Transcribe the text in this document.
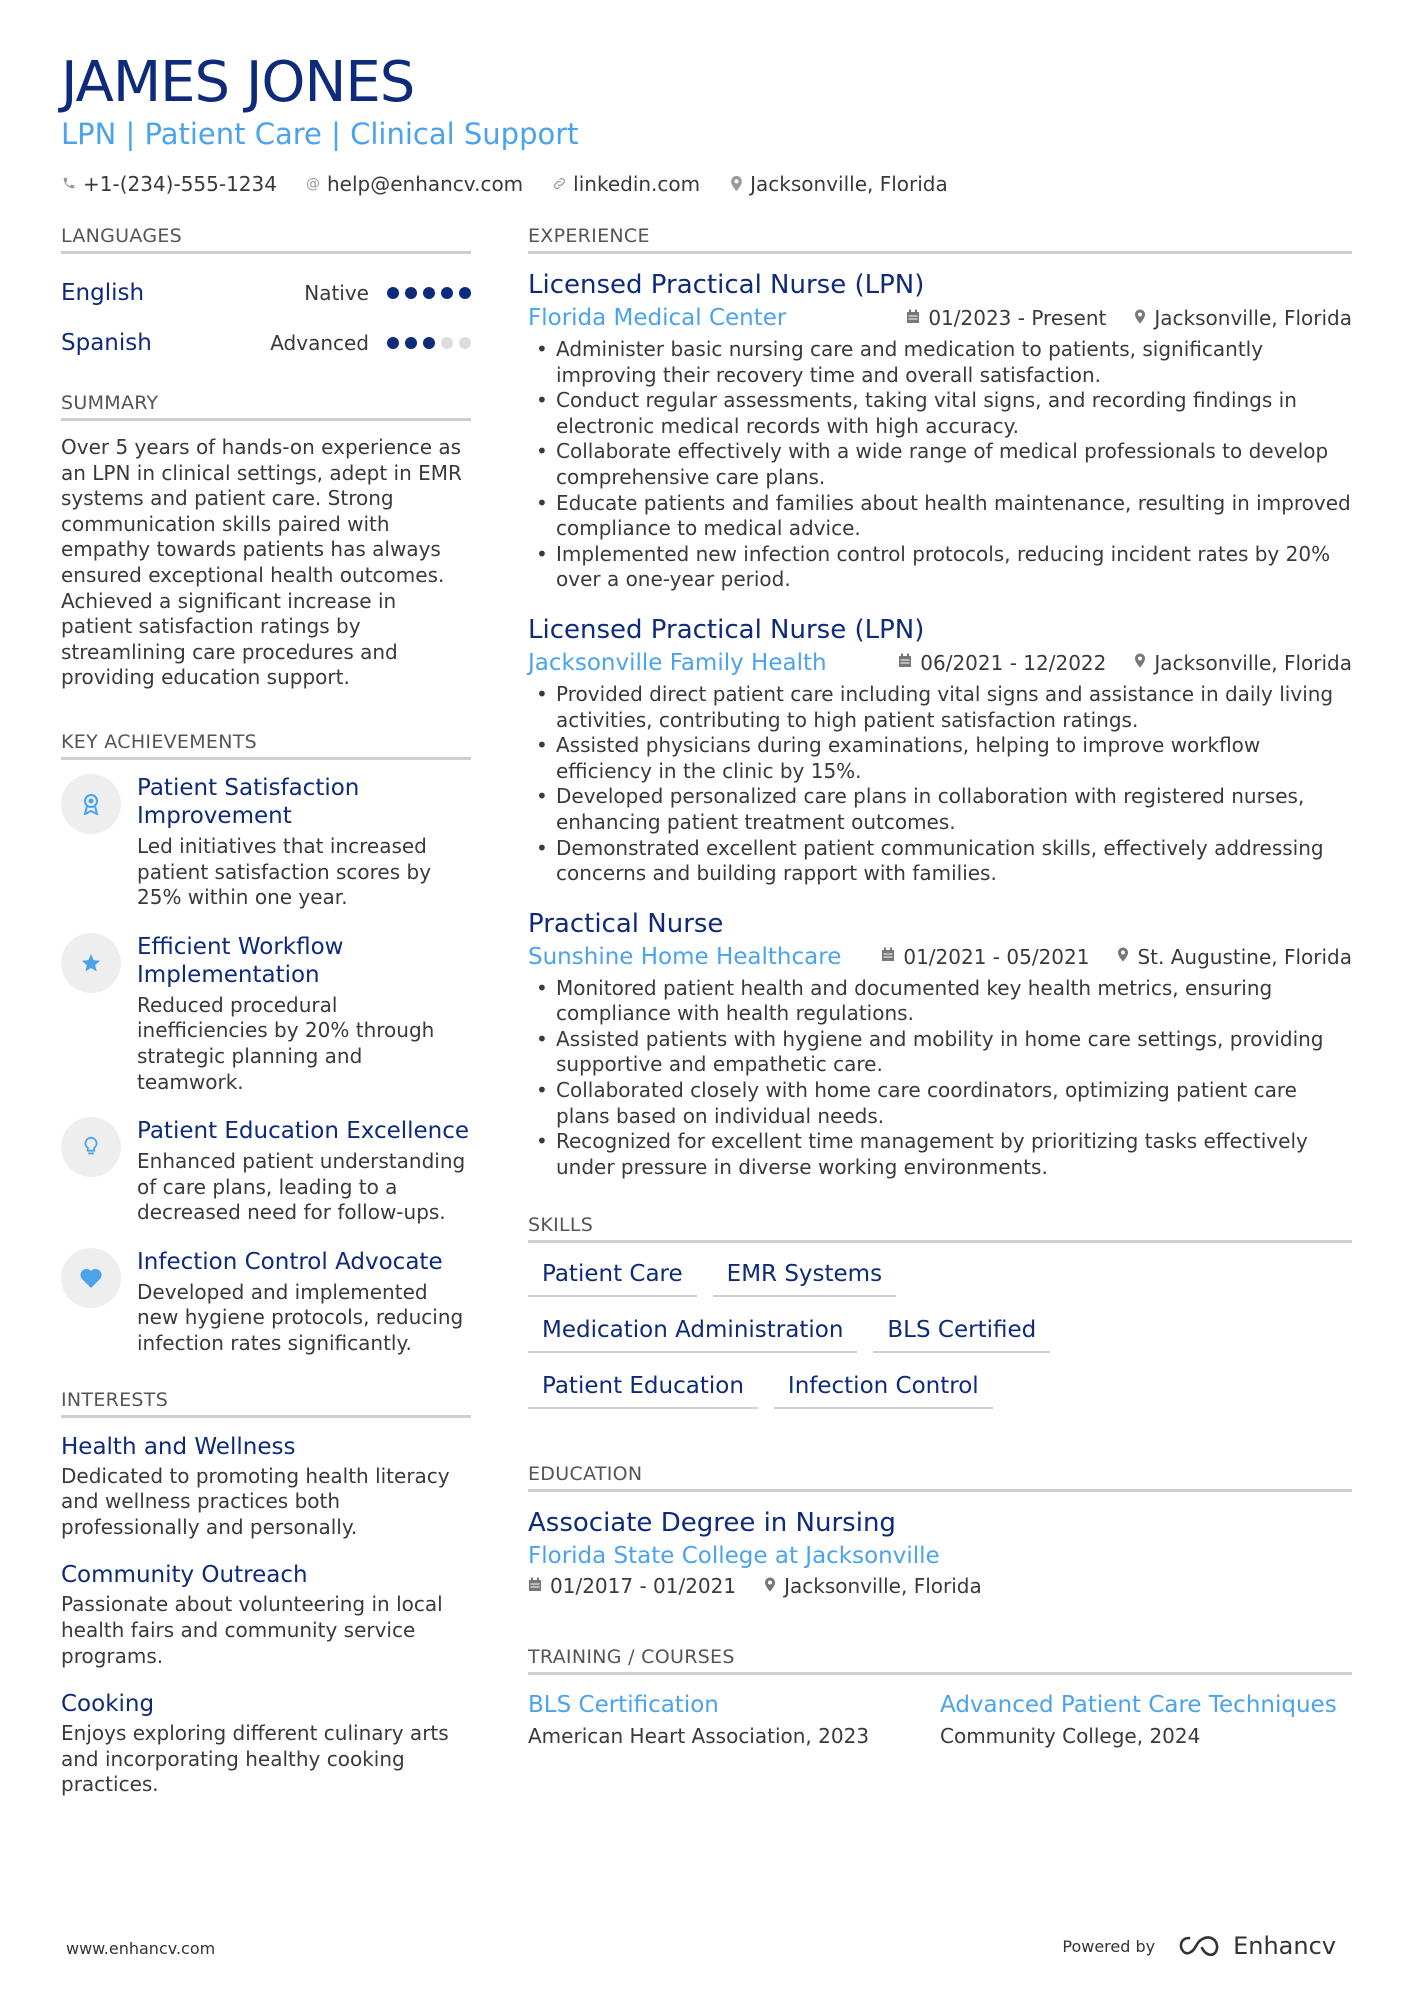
JAMES JONES
LPN | Patient Care | Clinical Support
+1-(234)-555-1234 @ help@enhancv.com	linkedin.com	Jacksonville, Florida
LANGUAGES
English	Native
Spanish	Advanced
SUMMARY
Over 5 years of hands-on experience as an LPN in clinical settings, adept in EMR systems and patient care. Strong communication skills paired with empathy towards patients has always ensured exceptional health outcomes. Achieved a significant increase in patient satisfaction ratings by streamlining care procedures and providing education support.
KEY ACHIEVEMENTS
Patient Satisfaction Improvement
Led initiatives that increased patient satisfaction scores by 25% within one year.
Efficient Workflow Implementation
Reduced procedural inefficiencies by 20% through strategic planning and teamwork.
Patient Education Excellence
Enhanced patient understanding of care plans, leading to a decreased need for follow-ups.
Infection Control Advocate
Developed and implemented new hygiene protocols, reducing infection rates significantly.
INTERESTS
Health and Wellness
Dedicated to promoting health literacy and wellness practices both professionally and personally.
Community Outreach
Passionate about volunteering in local health fairs and community service programs.
Cooking
Enjoys exploring different culinary arts and incorporating healthy cooking practices.
EXPERIENCE
Licensed Practical Nurse (LPN)
Florida Medical Center	01/2023 - Present Jacksonville, Florida
• Administer basic nursing care and medication to patients, significantly improving their recovery time and overall satisfaction.
• Conduct regular assessments, taking vital signs, and recording findings in electronic medical records with high accuracy.
• Collaborate effectively with a wide range of medical professionals to develop comprehensive care plans.
• Educate patients and families about health maintenance, resulting in improved compliance to medical advice.
• Implemented new infection control protocols, reducing incident rates by 20% over a one-year period.
Licensed Practical Nurse (LPN)
Jacksonville Family Health	06/2021 - 12/2022 Jacksonville, Florida
• Provided direct patient care including vital signs and assistance in daily living activities, contributing to high patient satisfaction ratings.
• Assisted physicians during examinations, helping to improve workflow efficiency in the clinic by 15%.
• Developed personalized care plans in collaboration with registered nurses, enhancing patient treatment outcomes.
• Demonstrated excellent patient communication skills, effectively addressing concerns and building rapport with families.
Practical Nurse
Sunshine Home Healthcare	01/2021 - 05/2021 St. Augustine, Florida
• Monitored patient health and documented key health metrics, ensuring compliance with health regulations.
• Assisted patients with hygiene and mobility in home care settings, providing supportive and empathetic care.
• Collaborated closely with home care coordinators, optimizing patient care plans based on individual needs.
• Recognized for excellent time management by prioritizing tasks effectively under pressure in diverse working environments.
SKILLS
Patient Care	EMR Systems
Medication Administration	BLS Certified
Patient Education	Infection Control
EDUCATION
Associate Degree in Nursing
Florida State College at Jacksonville
01/2017 - 01/2021 Jacksonville, Florida
TRAINING / COURSES
BLS Certification
American Heart Association, 2023
Advanced Patient Care Techniques
Community College, 2024
www.enhancv.com	Powered by	Enhancv
